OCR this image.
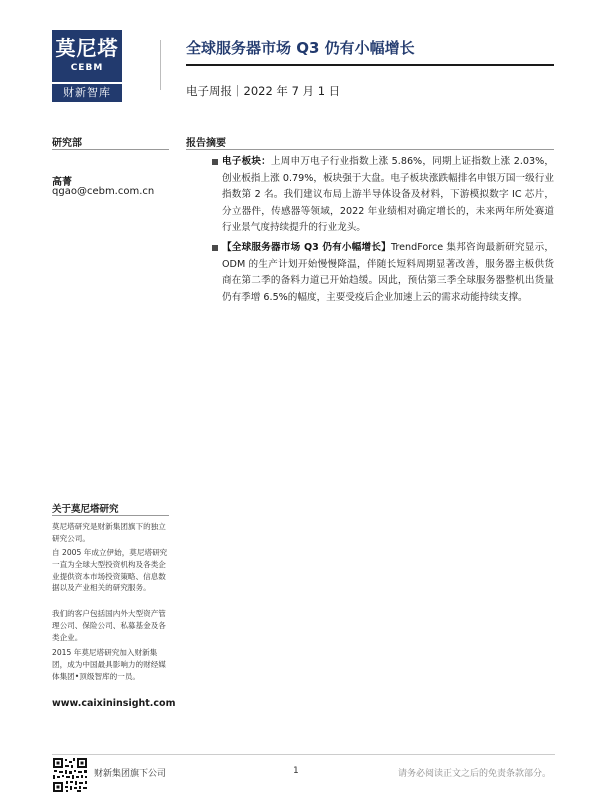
莫尼塔
CEBM
财新智库
全球服务器市场 Q3 仍有小幅增长
电子周报｜2022 年 7 月 1 日
研究部
高菁
qgao@cebm.com.cn
报告摘要
电子板块：上周申万电子行业指数上涨 5.86%，同期上证指数上涨 2.03%，创业板指上涨 0.79%，板块强于大盘。电子板块涨跌幅排名申银万国一级行业指数第 2 名。我们建议布局上游半导体设备及材料，下游模拟数字 IC 芯片，分立器件，传感器等领域，2022 年业绩相对确定增长的，未来两年所处赛道行业景气度持续提升的行业龙头。
【全球服务器市场 Q3 仍有小幅增长】TrendForce 集邦咨询最新研究显示，ODM 的生产计划开始慢慢降温，伴随长短料周期显著改善，服务器主板供货商在第二季的备料力道已开始趋缓。因此，预估第三季全球服务器整机出货量仍有季增 6.5%的幅度，主要受疫后企业加速上云的需求动能持续支撑。
关于莫尼塔研究
莫尼塔研究是财新集团旗下的独立研究公司。
自 2005 年成立伊始，莫尼塔研究一直为全球大型投资机构及各类企业提供资本市场投资策略、信息数据以及产业相关的研究服务。
我们的客户包括国内外大型资产管理公司、保险公司、私募基金及各类企业。
2015 年莫尼塔研究加入财新集团，成为中国最具影响力的财经媒体集团•顶级智库的一员。
www.caixininsight.com
财新集团旗下公司	1	请务必阅读正文之后的免责条款部分。
